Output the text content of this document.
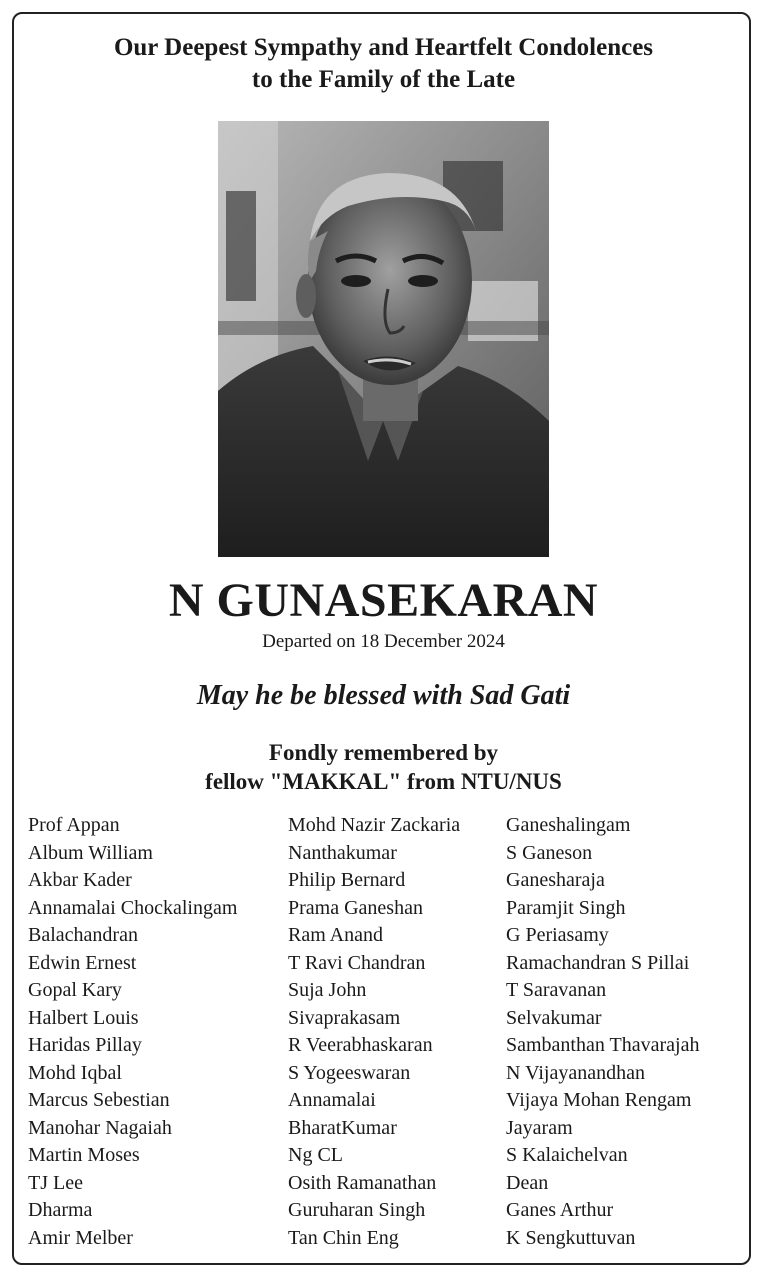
Our Deepest Sympathy and Heartfelt Condolences
to the Family of the Late
N GUNASEKARAN
Departed on 18 December 2024
May he be blessed with Sad Gati
Fondly remembered by
fellow "MAKKAL" from NTU/NUS
Prof Appan
Album William
Akbar Kader
Annamalai Chockalingam
Balachandran
Edwin Ernest
Gopal Kary
Halbert Louis
Haridas Pillay
Mohd Iqbal
Marcus Sebestian
Manohar Nagaiah
Martin Moses
TJ Lee
Dharma
Amir Melber
Mohd Nazir Zackaria
Nanthakumar
Philip Bernard
Prama Ganeshan
Ram Anand
T Ravi Chandran
Suja John
Sivaprakasam
R Veerabhaskaran
S Yogeeswaran
Annamalai
BharatKumar
Ng CL
Osith Ramanathan
Guruharan Singh
Tan Chin Eng
Ganeshalingam
S Ganeson
Ganesharaja
Paramjit Singh
G Periasamy
Ramachandran S Pillai
T Saravanan
Selvakumar
Sambanthan Thavarajah
N Vijayanandhan
Vijaya Mohan Rengam
Jayaram
S Kalaichelvan
Dean
Ganes Arthur
K Sengkuttuvan
